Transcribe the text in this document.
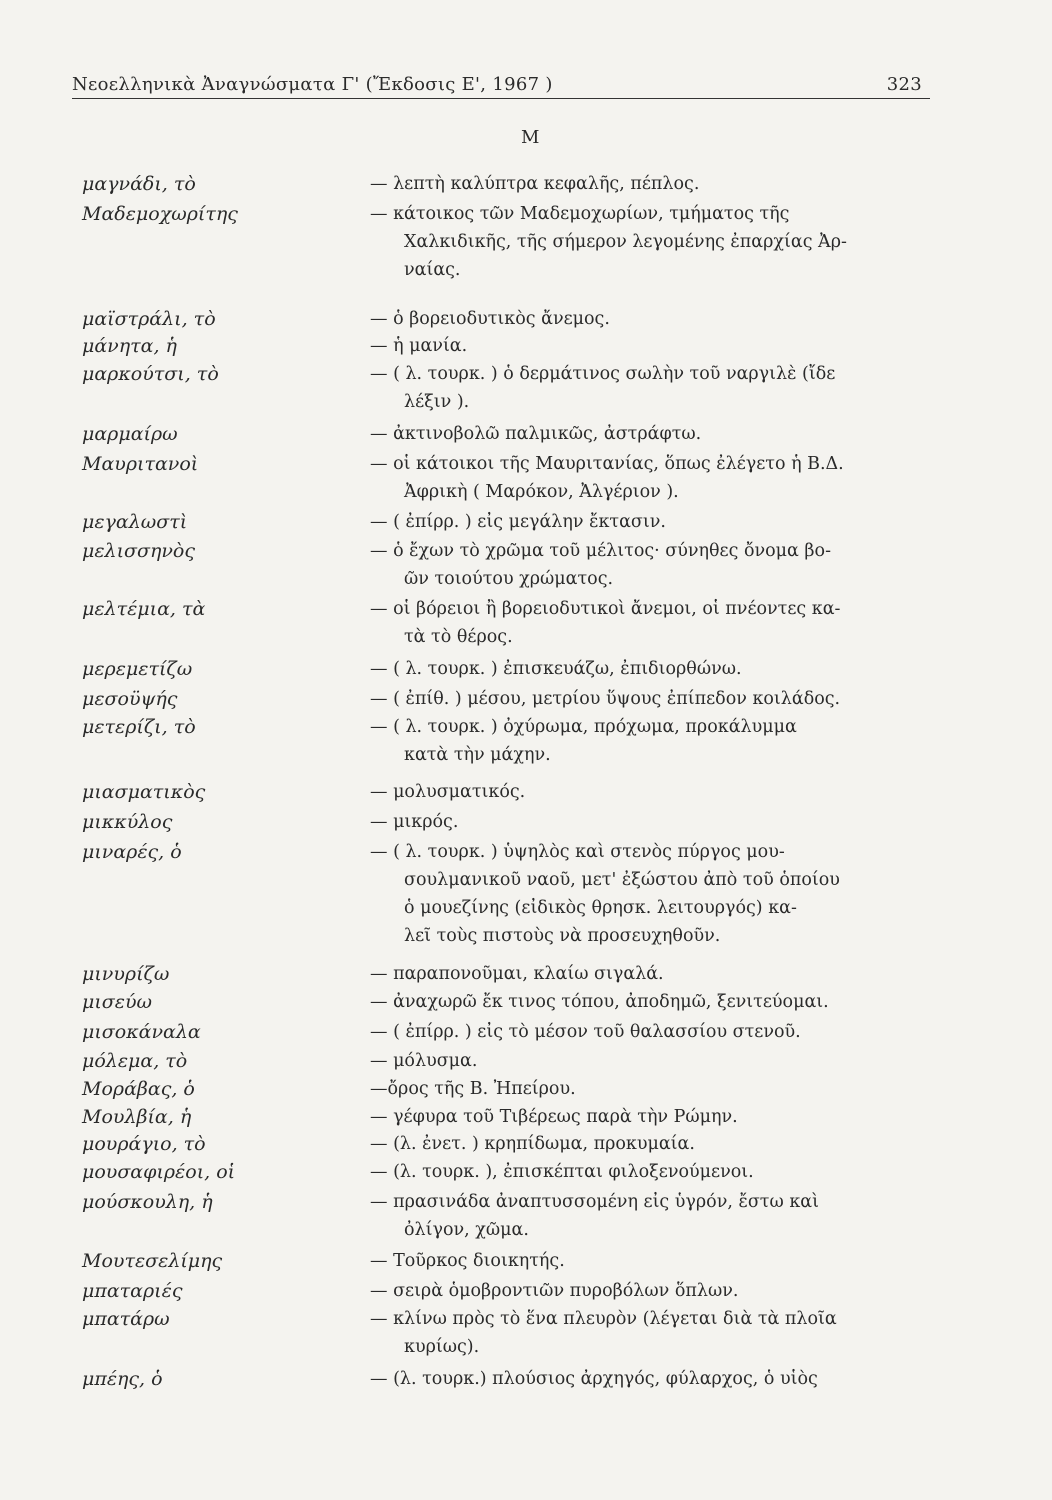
Νεοελληνικὰ Ἀναγνώσματα Γ' (Ἔκδοσις Ε', 1967 )	323
Μ
μαγνάδι, τὸ	— λεπτὴ καλύπτρα κεφαλῆς, πέπλος.
Μαδεμοχωρίτης	— κάτοικος τῶν Μαδεμοχωρίων, τμήματος τῆς
Χαλκιδικῆς, τῆς σήμερον λεγομένης ἐπαρχίας Ἀρ-
ναίας.
μαϊστράλι, τὸ	— ὁ βορειοδυτικὸς ἄνεμος.
μάνητα, ἡ	— ἡ μανία.
μαρκούτσι, τὸ	— ( λ. τουρκ. ) ὁ δερμάτινος σωλὴν τοῦ ναργιλὲ (ἴδε
λέξιν ).
μαρμαίρω	— ἀκτινοβολῶ παλμικῶς, ἀστράφτω.
Μαυριτανοὶ	— οἱ κάτοικοι τῆς Μαυριτανίας, ὅπως ἐλέγετο ἡ Β.Δ.
Ἀφρικὴ ( Μαρόκον, Ἀλγέριον ).
μεγαλωστὶ	— ( ἐπίρρ. ) εἰς μεγάλην ἔκτασιν.
μελισσηνὸς	— ὁ ἔχων τὸ χρῶμα τοῦ μέλιτος· σύνηθες ὄνομα βο-
ῶν τοιούτου χρώματος.
μελτέμια, τὰ	— οἱ βόρειοι ἢ βορειοδυτικοὶ ἄνεμοι, οἱ πνέοντες κα-
τὰ τὸ θέρος.
μερεμετίζω	— ( λ. τουρκ. ) ἐπισκευάζω, ἐπιδιορθώνω.
μεσοϋψής	— ( ἐπίθ. ) μέσου, μετρίου ὕψους ἐπίπεδον κοιλάδος.
μετερίζι, τὸ	— ( λ. τουρκ. ) ὀχύρωμα, πρόχωμα, προκάλυμμα
κατὰ τὴν μάχην.
μιασματικὸς	— μολυσματικός.
μικκύλος	— μικρός.
μιναρές, ὁ	— ( λ. τουρκ. ) ὑψηλὸς καὶ στενὸς πύργος μου-
σουλμανικοῦ ναοῦ, μετ' ἐξώστου ἀπὸ τοῦ ὁποίου
ὁ μουεζίνης (εἰδικὸς θρησκ. λειτουργός) κα-
λεῖ τοὺς πιστοὺς νὰ προσευχηθοῦν.
μινυρίζω	— παραπονοῦμαι, κλαίω σιγαλά.
μισεύω	— ἀναχωρῶ ἔκ τινος τόπου, ἀποδημῶ, ξενιτεύομαι.
μισοκάναλα	— ( ἐπίρρ. ) εἰς τὸ μέσον τοῦ θαλασσίου στενοῦ.
μόλεμα, τὸ	— μόλυσμα.
Μοράβας, ὁ	—ὄρος τῆς Β. Ἠπείρου.
Μουλβία, ἡ	— γέφυρα τοῦ Τιβέρεως παρὰ τὴν Ρώμην.
μουράγιο, τὸ	— (λ. ἐνετ. ) κρηπίδωμα, προκυμαία.
μουσαφιρέοι, οἱ	— (λ. τουρκ. ), ἐπισκέπται φιλοξενούμενοι.
μούσκουλη, ἡ	— πρασινάδα ἀναπτυσσομένη εἰς ὑγρόν, ἔστω καὶ
ὀλίγον, χῶμα.
Μουτεσελίμης	— Τοῦρκος διοικητής.
μπαταριές	— σειρὰ ὁμοβροντιῶν πυροβόλων ὅπλων.
μπατάρω	— κλίνω πρὸς τὸ ἕνα πλευρὸν (λέγεται διὰ τὰ πλοῖα
κυρίως).
μπέης, ὁ	— (λ. τουρκ.) πλούσιος ἀρχηγός, φύλαρχος, ὁ υἱὸς
